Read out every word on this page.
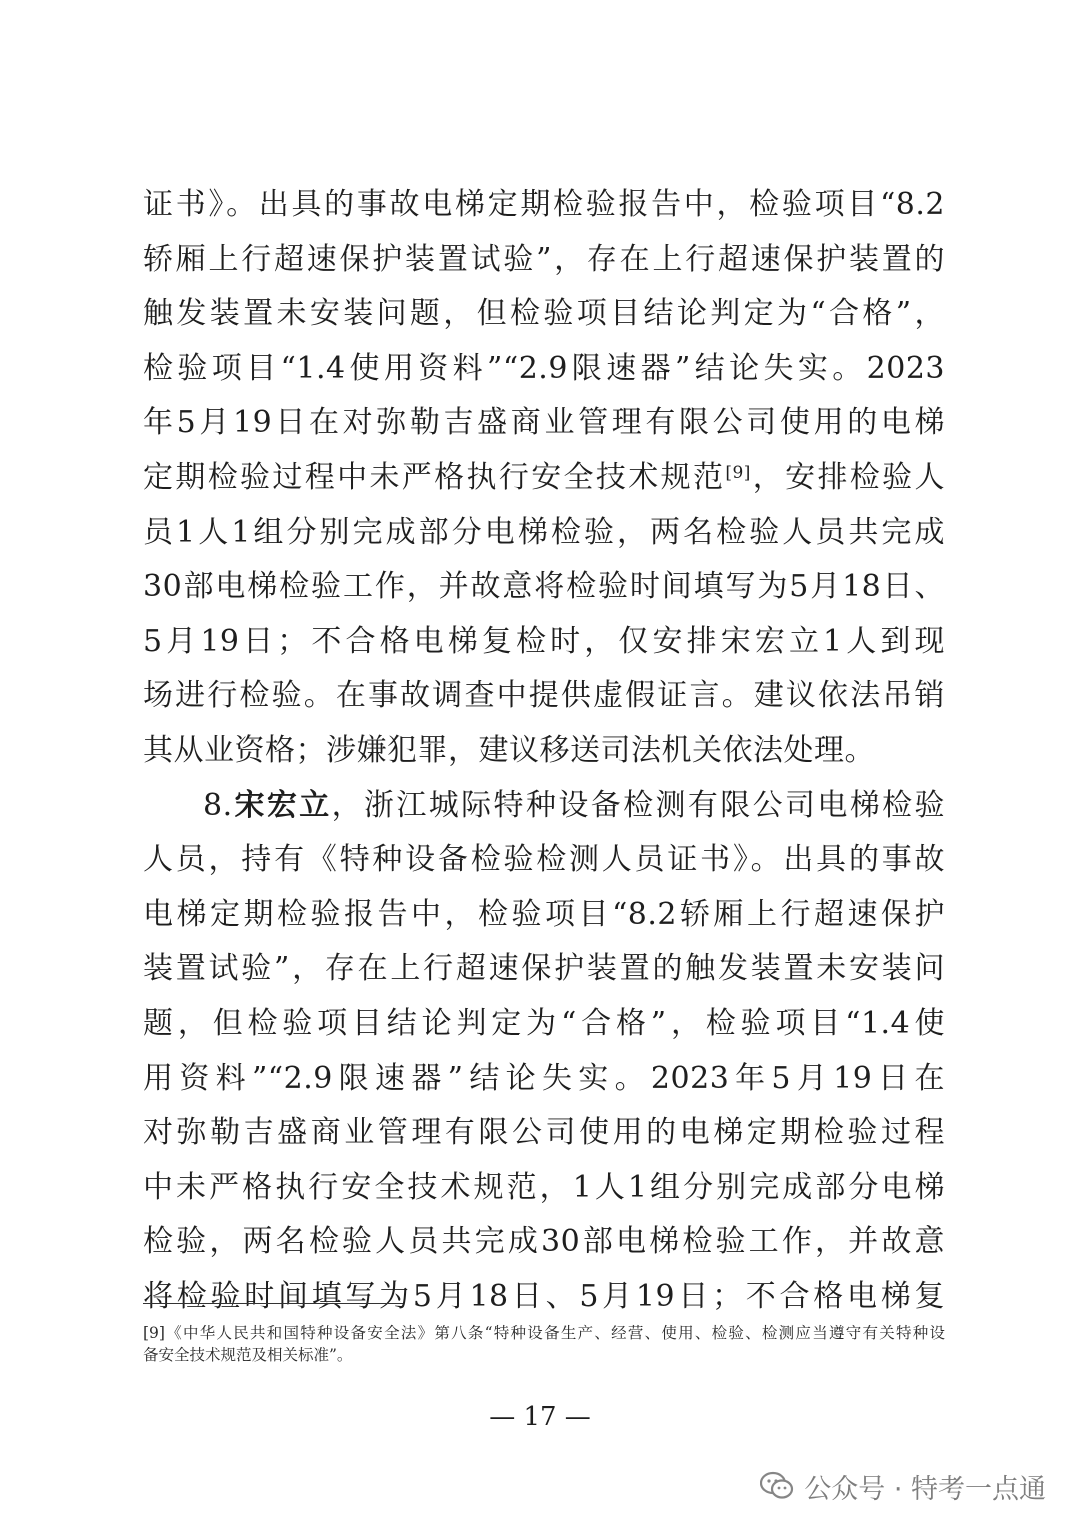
证书》。出具的事故电梯定期检验报告中，检验项目“8.2
轿厢上行超速保护装置试验”，存在上行超速保护装置的
触发装置未安装问题，但检验项目结论判定为“合格”，
检验项目“1.4使用资料”“2.9限速器”结论失实。2023
年5月19日在对弥勒吉盛商业管理有限公司使用的电梯
定期检验过程中未严格执行安全技术规范[9]，安排检验人
员1人1组分别完成部分电梯检验，两名检验人员共完成
30部电梯检验工作，并故意将检验时间填写为5月18日、
5月19日；不合格电梯复检时，仅安排宋宏立1人到现
场进行检验。在事故调查中提供虚假证言。建议依法吊销
其从业资格；涉嫌犯罪，建议移送司法机关依法处理。
8.宋宏立，浙江城际特种设备检测有限公司电梯检验
人员，持有《特种设备检验检测人员证书》。出具的事故
电梯定期检验报告中，检验项目“8.2轿厢上行超速保护
装置试验”，存在上行超速保护装置的触发装置未安装问
题，但检验项目结论判定为“合格”，检验项目“1.4使
用资料”“2.9限速器”结论失实。2023年5月19日在
对弥勒吉盛商业管理有限公司使用的电梯定期检验过程
中未严格执行安全技术规范，1人1组分别完成部分电梯
检验，两名检验人员共完成30部电梯检验工作，并故意
将检验时间填写为5月18日、5月19日；不合格电梯复
[9]《中华人民共和国特种设备安全法》第八条“特种设备生产、经营、使用、检验、检测应当遵守有关特种设
备安全技术规范及相关标准”。
— 17 —
公众号 · 特考一点通
